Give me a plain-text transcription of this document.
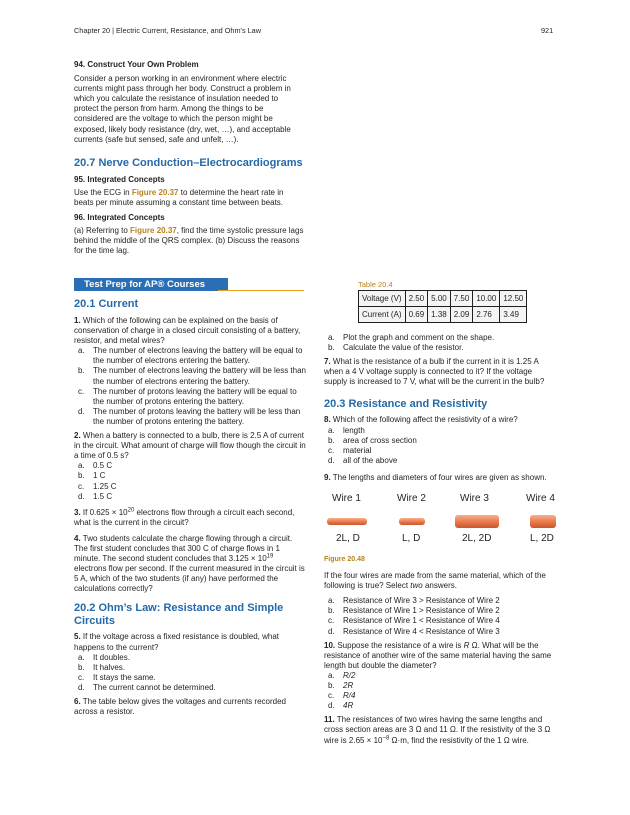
Chapter 20 | Electric Current, Resistance, and Ohm's Law	921

94. Construct Your Own Problem

Consider a person working in an environment where electric currents might pass through her body. Construct a problem in which you calculate the resistance of insulation needed to protect the person from harm. Among the things to be considered are the voltage to which the person might be exposed, likely body resistance (dry, wet, …), and acceptable currents (safe but sensed, safe and unfelt, …).

20.7 Nerve Conduction–Electrocardiograms

95. Integrated Concepts

Use the ECG in Figure 20.37 to determine the heart rate in beats per minute assuming a constant time between beats.

96. Integrated Concepts

(a) Referring to Figure 20.37, find the time systolic pressure lags behind the middle of the QRS complex. (b) Discuss the reasons for the time lag.

Test Prep for AP® Courses
20.1 Current

1. Which of the following can be explained on the basis of conservation of charge in a closed circuit consisting of a battery, resistor, and metal wires?

a. The number of electrons leaving the battery will be equal to the number of electrons entering the battery.
b. The number of electrons leaving the battery will be less than the number of electrons entering the battery.
c. The number of protons leaving the battery will be equal to the number of protons entering the battery.
d. The number of protons leaving the battery will be less than the number of protons entering the battery.

2. When a battery is connected to a bulb, there is 2.5 A of current in the circuit. What amount of charge will flow though the circuit in a time of 0.5 s?

a. 0.5 C
b. 1 C
c. 1.25 C
d. 1.5 C

3. If $0.625 \times 10^{20}$ electrons flow through a circuit each second, what is the current in the circuit?

4. Two students calculate the charge flowing through a circuit. The first student concludes that 300 C of charge flows in 1 minute. The second student concludes that $3.125 \times 10^{19}$ electrons flow per second. If the current measured in the circuit is 5 A, which of the two students (if any) have performed the calculations correctly?

20.2 Ohm’s Law: Resistance and Simple Circuits

5. If the voltage across a fixed resistance is doubled, what happens to the current?

a. It doubles.
b. It halves.
c. It stays the same.
d. The current cannot be determined.

6. The table below gives the voltages and currents recorded across a resistor.

Table 20.4
Voltage (V)	2.50	5.00	7.50	10.00	12.50
Current (A)	0.69	1.38	2.09	2.76	3.49
a. Plot the graph and comment on the shape.
b. Calculate the value of the resistor.

7. What is the resistance of a bulb if the current in it is 1.25 A when a 4 V voltage supply is connected to it? If the voltage supply is increased to 7 V, what will be the current in the bulb?

20.3 Resistance and Resistivity

8. Which of the following affect the resistivity of a wire?

a. length
b. area of cross section
c. material
d. all of the above

9. The lengths and diameters of four wires are given as shown.

Wire 1	Wire 2	Wire 3	Wire 4
2L, D	L, D	2L, 2D	L, 2D

Figure 20.48

If the four wires are made from the same material, which of the following is true? Select two answers.

a. Resistance of Wire 3 > Resistance of Wire 2
b. Resistance of Wire 1 > Resistance of Wire 2
c. Resistance of Wire 1 < Resistance of Wire 4
d. Resistance of Wire 4 < Resistance of Wire 3

10. Suppose the resistance of a wire is R Ω. What will be the resistance of another wire of the same material having the same length but double the diameter?

a. R/2
b. 2R
c. R/4
d. 4R

11. The resistances of two wires having the same lengths and cross section areas are 3 Ω and 11 Ω. If the resistivity of the 3 Ω wire is $2.65 \times 10^{-8}$ Ω·m, find the resistivity of the 1 Ω wire.
